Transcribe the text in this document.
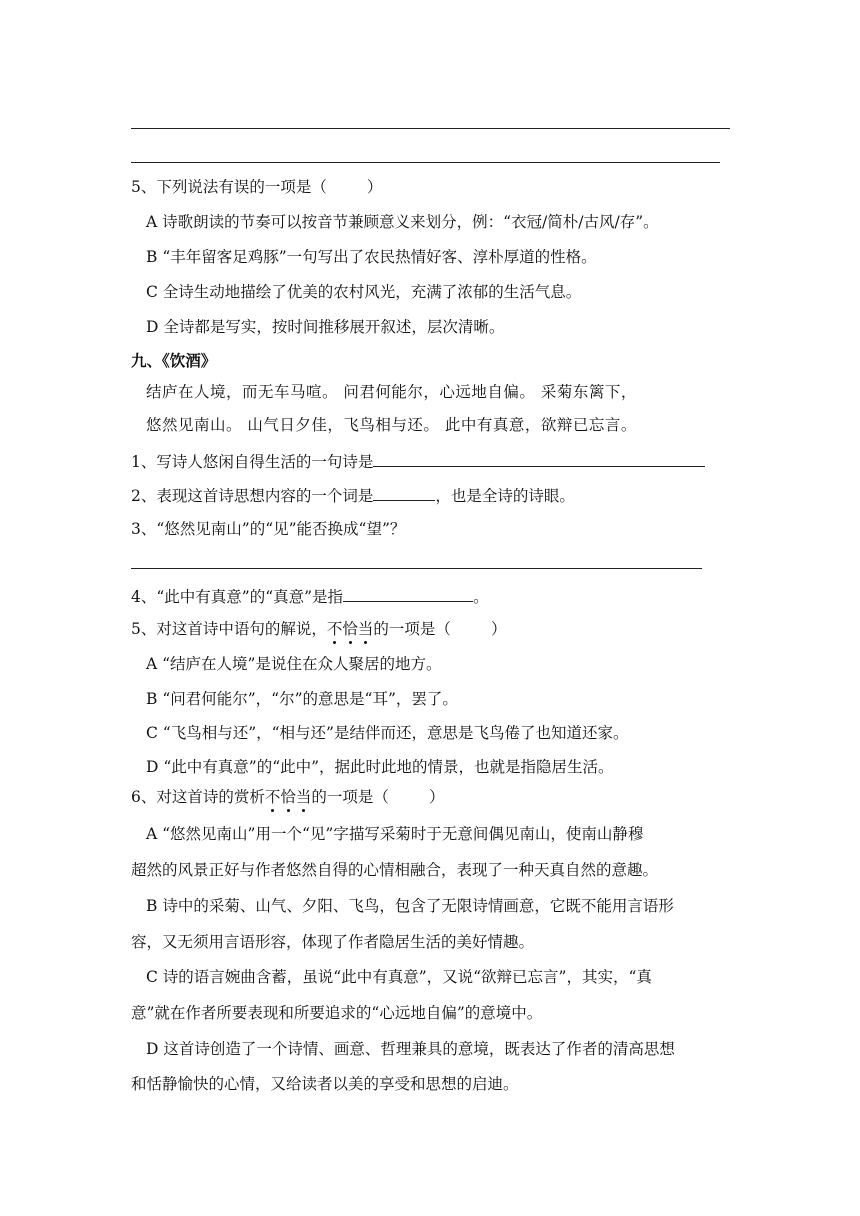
5、下列说法有误的一项是（	）
A 诗歌朗读的节奏可以按音节兼顾意义来划分，例：“衣冠/简朴/古风/存”。
B “丰年留客足鸡豚”一句写出了农民热情好客、淳朴厚道的性格。
C 全诗生动地描绘了优美的农村风光，充满了浓郁的生活气息。
D 全诗都是写实，按时间推移展开叙述，层次清晰。
九、《饮酒》
结庐在人境，而无车马喧。 问君何能尔，心远地自偏。 采菊东篱下，
悠然见南山。 山气日夕佳，飞鸟相与还。 此中有真意，欲辩已忘言。
1、写诗人悠闲自得生活的一句诗是
2、表现这首诗思想内容的一个词是	，也是全诗的诗眼。
3、“悠然见南山”的“见”能否换成“望”？
4、“此中有真意”的“真意”是指	。
5、对这首诗中语句的解说，不恰当的一项是（	）
A “结庐在人境”是说住在众人聚居的地方。
B “问君何能尔”，“尔”的意思是“耳”，罢了。
C “飞鸟相与还”，“相与还”是结伴而还，意思是飞鸟倦了也知道还家。
D “此中有真意”的“此中”，据此时此地的情景，也就是指隐居生活。
6、对这首诗的赏析不恰当的一项是（	）
A “悠然见南山”用一个“见”字描写采菊时于无意间偶见南山，使南山静穆
超然的风景正好与作者悠然自得的心情相融合，表现了一种天真自然的意趣。
B 诗中的采菊、山气、夕阳、飞鸟，包含了无限诗情画意，它既不能用言语形
容，又无须用言语形容，体现了作者隐居生活的美好情趣。
C 诗的语言婉曲含蓄，虽说“此中有真意”，又说“欲辩已忘言”，其实，“真
意”就在作者所要表现和所要追求的“心远地自偏”的意境中。
D 这首诗创造了一个诗情、画意、哲理兼具的意境，既表达了作者的清高思想
和恬静愉快的心情，又给读者以美的享受和思想的启迪。
